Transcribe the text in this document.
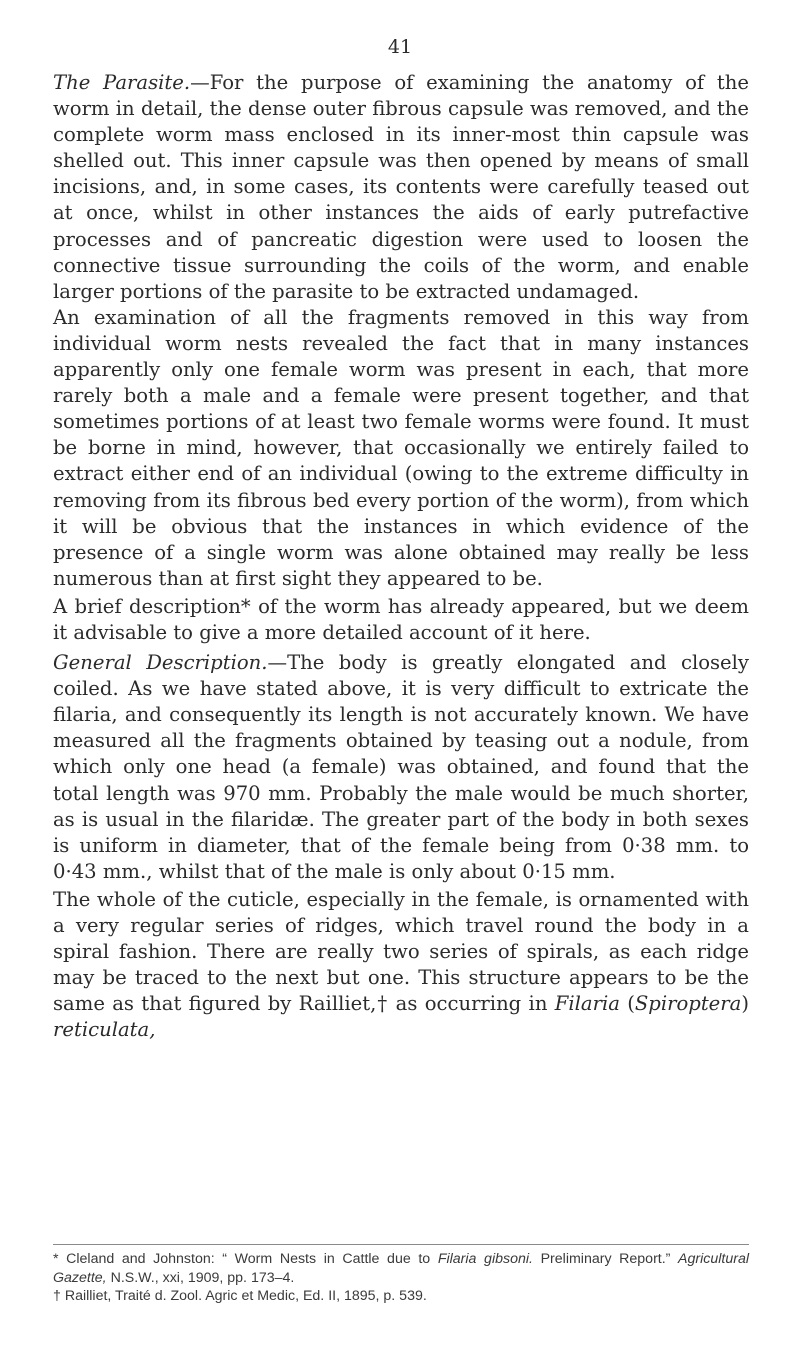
41

The Parasite.—For the purpose of examining the anatomy of the worm in detail, the dense outer fibrous capsule was removed, and the complete worm mass enclosed in its inner-most thin capsule was shelled out. This inner capsule was then opened by means of small incisions, and, in some cases, its contents were carefully teased out at once, whilst in other instances the aids of early putrefactive processes and of pancreatic digestion were used to loosen the connective tissue surrounding the coils of the worm, and enable larger portions of the parasite to be extracted undamaged.

An examination of all the fragments removed in this way from individual worm nests revealed the fact that in many instances apparently only one female worm was present in each, that more rarely both a male and a female were present together, and that sometimes portions of at least two female worms were found. It must be borne in mind, however, that occasionally we entirely failed to extract either end of an individual (owing to the extreme difficulty in removing from its fibrous bed every portion of the worm), from which it will be obvious that the instances in which evidence of the presence of a single worm was alone obtained may really be less numerous than at first sight they appeared to be.

A brief description* of the worm has already appeared, but we deem it advisable to give a more detailed account of it here.

General Description.—The body is greatly elongated and closely coiled. As we have stated above, it is very difficult to extricate the filaria, and consequently its length is not accurately known. We have measured all the fragments obtained by teasing out a nodule, from which only one head (a female) was obtained, and found that the total length was 970 mm. Probably the male would be much shorter, as is usual in the filaridæ. The greater part of the body in both sexes is uniform in diameter, that of the female being from 0·38 mm. to 0·43 mm., whilst that of the male is only about 0·15 mm.

The whole of the cuticle, especially in the female, is ornamented with a very regular series of ridges, which travel round the body in a spiral fashion. There are really two series of spirals, as each ridge may be traced to the next but one. This structure appears to be the same as that figured by Railliet,† as occurring in Filaria (Spiroptera) reticulata,

* Cleland and Johnston: “ Worm Nests in Cattle due to Filaria gibsoni. Preliminary Report.” Agricultural Gazette, N.S.W., xxi, 1909, pp. 173–4.

† Railliet, Traité d. Zool. Agric et Medic, Ed. II, 1895, p. 539.
